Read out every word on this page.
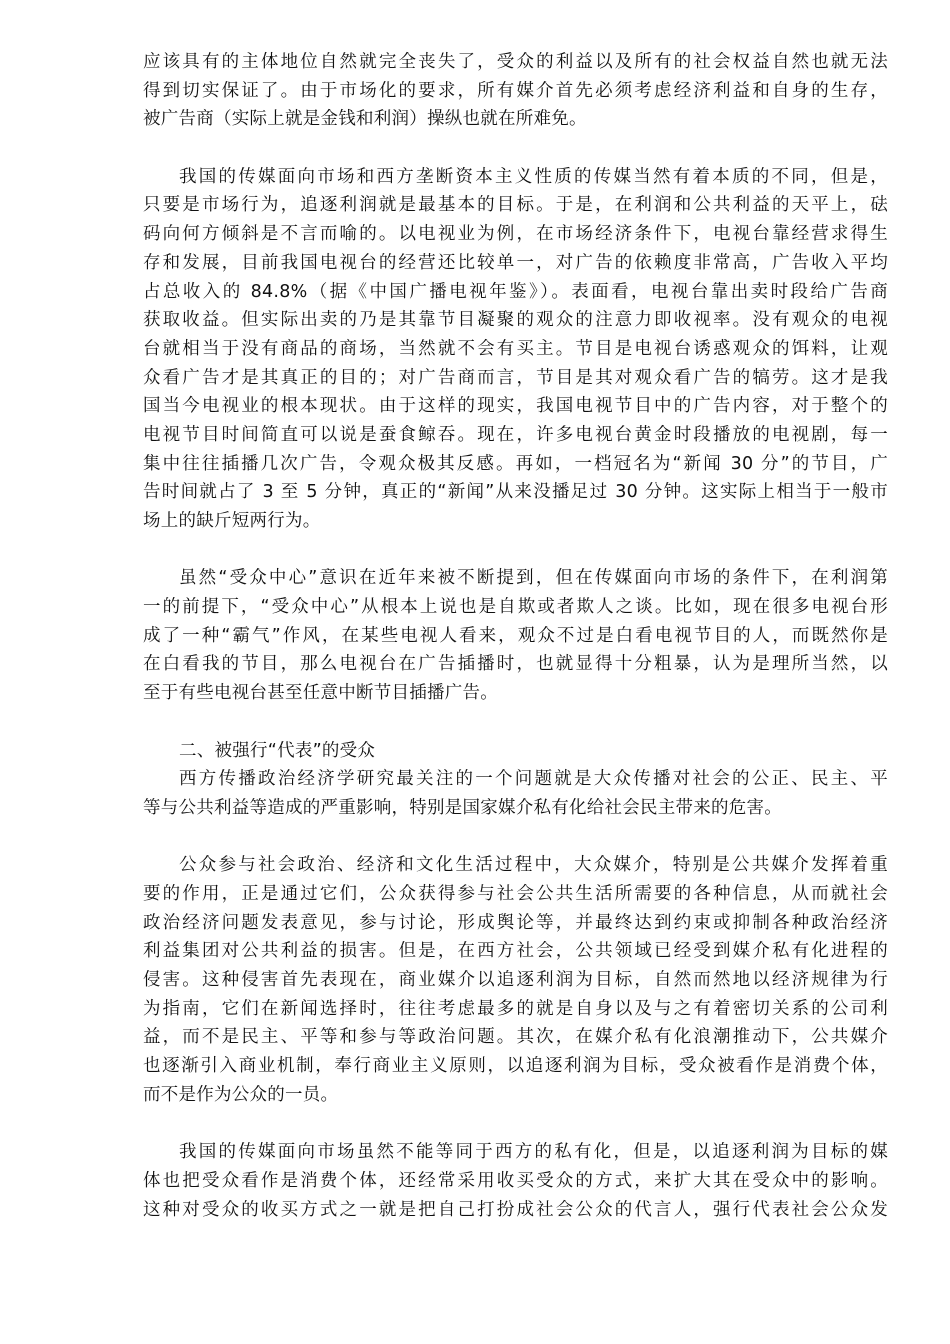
应该具有的主体地位自然就完全丧失了，受众的利益以及所有的社会权益自然也就无法
得到切实保证了。由于市场化的要求，所有媒介首先必须考虑经济利益和自身的生存，
被广告商（实际上就是金钱和利润）操纵也就在所难免。
我国的传媒面向市场和西方垄断资本主义性质的传媒当然有着本质的不同，但是，
只要是市场行为，追逐利润就是最基本的目标。于是，在利润和公共利益的天平上，砝
码向何方倾斜是不言而喻的。以电视业为例，在市场经济条件下，电视台靠经营求得生
存和发展，目前我国电视台的经营还比较单一，对广告的依赖度非常高，广告收入平均
占总收入的 84.8%（据《中国广播电视年鉴》）。表面看，电视台靠出卖时段给广告商
获取收益。但实际出卖的乃是其靠节目凝聚的观众的注意力即收视率。没有观众的电视
台就相当于没有商品的商场，当然就不会有买主。节目是电视台诱惑观众的饵料，让观
众看广告才是其真正的目的；对广告商而言，节目是其对观众看广告的犒劳。这才是我
国当今电视业的根本现状。由于这样的现实，我国电视节目中的广告内容，对于整个的
电视节目时间简直可以说是蚕食鲸吞。现在，许多电视台黄金时段播放的电视剧，每一
集中往往插播几次广告，令观众极其反感。再如，一档冠名为“新闻 30 分”的节目，广
告时间就占了 3 至 5 分钟，真正的“新闻”从来没播足过 30 分钟。这实际上相当于一般市
场上的缺斤短两行为。
虽然“受众中心”意识在近年来被不断提到，但在传媒面向市场的条件下，在利润第
一的前提下，“受众中心”从根本上说也是自欺或者欺人之谈。比如，现在很多电视台形
成了一种“霸气”作风，在某些电视人看来，观众不过是白看电视节目的人，而既然你是
在白看我的节目，那么电视台在广告插播时，也就显得十分粗暴，认为是理所当然，以
至于有些电视台甚至任意中断节目插播广告。
二、被强行“代表”的受众
西方传播政治经济学研究最关注的一个问题就是大众传播对社会的公正、民主、平
等与公共利益等造成的严重影响，特别是国家媒介私有化给社会民主带来的危害。
公众参与社会政治、经济和文化生活过程中，大众媒介，特别是公共媒介发挥着重
要的作用，正是通过它们，公众获得参与社会公共生活所需要的各种信息，从而就社会
政治经济问题发表意见，参与讨论，形成舆论等，并最终达到约束或抑制各种政治经济
利益集团对公共利益的损害。但是，在西方社会，公共领域已经受到媒介私有化进程的
侵害。这种侵害首先表现在，商业媒介以追逐利润为目标，自然而然地以经济规律为行
为指南，它们在新闻选择时，往往考虑最多的就是自身以及与之有着密切关系的公司利
益，而不是民主、平等和参与等政治问题。其次，在媒介私有化浪潮推动下，公共媒介
也逐渐引入商业机制，奉行商业主义原则，以追逐利润为目标，受众被看作是消费个体，
而不是作为公众的一员。
我国的传媒面向市场虽然不能等同于西方的私有化，但是，以追逐利润为目标的媒
体也把受众看作是消费个体，还经常采用收买受众的方式，来扩大其在受众中的影响。
这种对受众的收买方式之一就是把自己打扮成社会公众的代言人，强行代表社会公众发
